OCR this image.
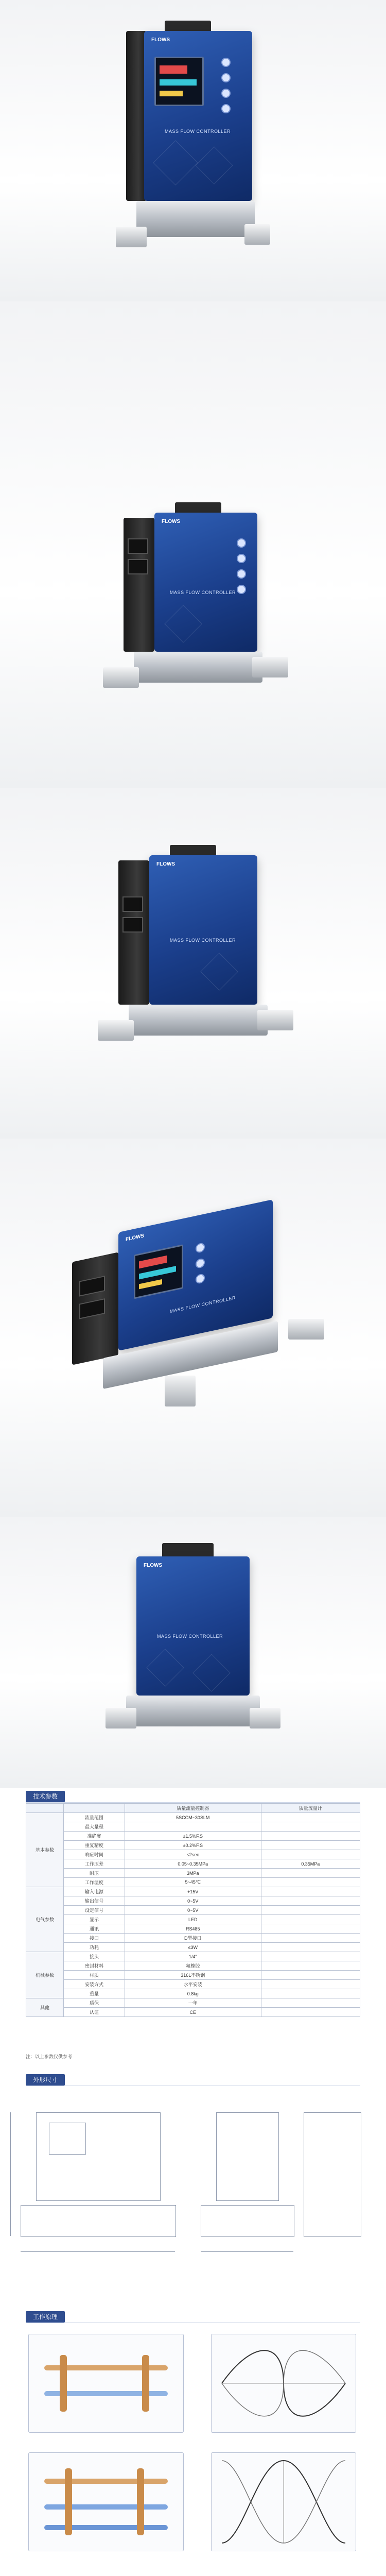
FLOWS
MASS FLOW CONTROLLER
FLOWS
MASS FLOW CONTROLLER
FLOWS
MASS FLOW CONTROLLER
FLOWS
MASS FLOW CONTROLLER
FLOWS
MASS FLOW CONTROLLER
技术参数
		质量流量控制器	质量流量计
基本参数	流量范围	5SCCM~30SLM	
	最大量程		
	准确度	±1.5%F.S	
	重复精度	±0.2%F.S	
	响应时间	≤2sec	
	工作压差	0.05~0.35MPa	0.35MPa
	耐压	3MPa	
	工作温度	5~45℃	
电气参数	输入电源	+15V	
	输出信号	0~5V	
	设定信号	0~5V	
	显示	LED	
	通讯	RS485	
	接口	D型接口	
	功耗	≤3W	
机械参数	接头	1/4"	
	密封材料	氟橡胶	
	材质	316L不锈钢	
	安装方式	水平安装	
	重量	0.8kg	
其他	质保	一年	
	认证	CE	
注：以上参数仅供参考
外形尺寸
工作原理
